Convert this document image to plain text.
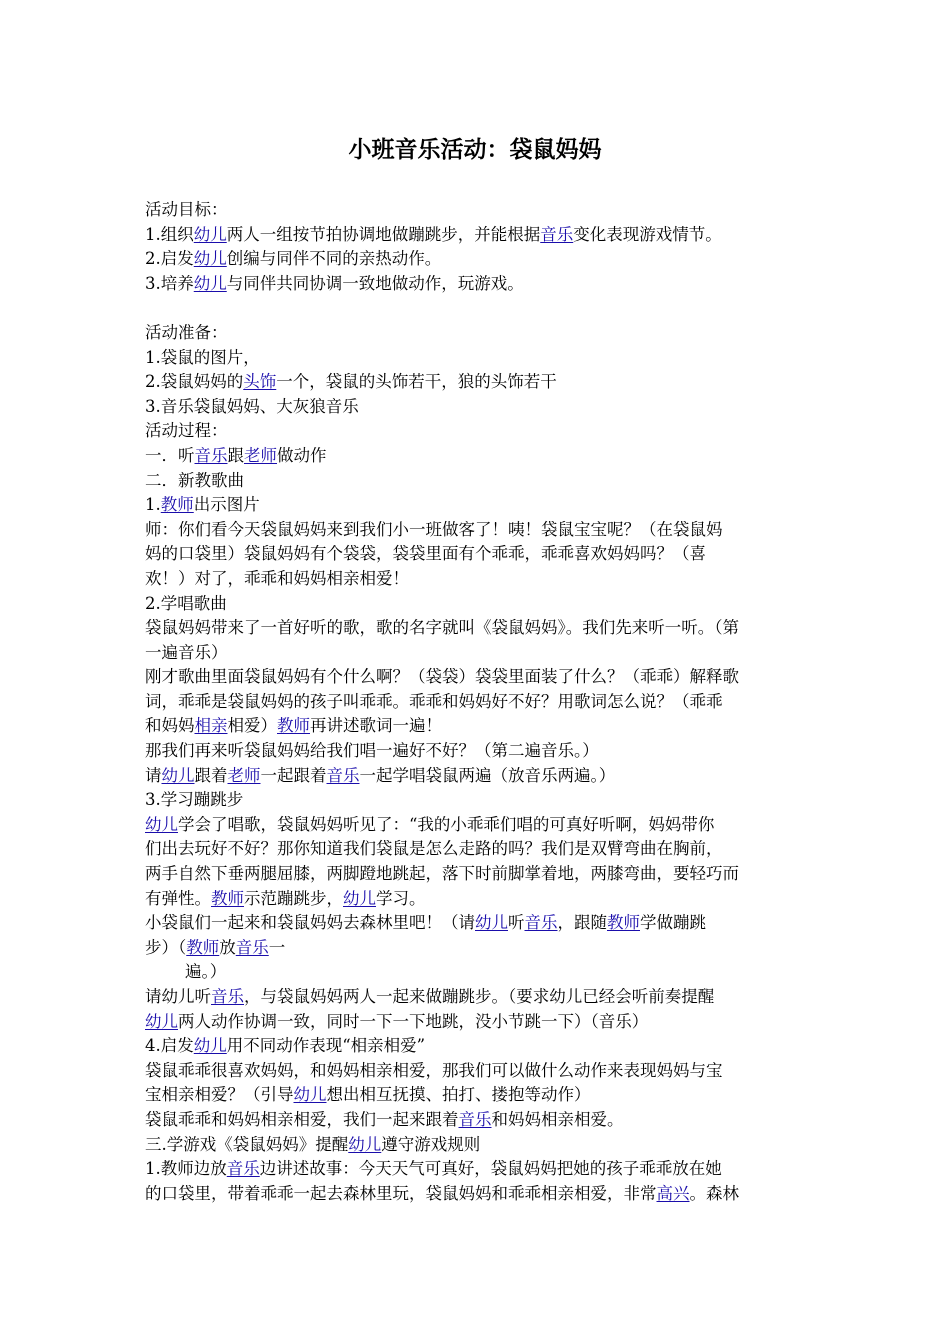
小班音乐活动：袋鼠妈妈
活动目标：
1.组织幼儿两人一组按节拍协调地做蹦跳步，并能根据音乐变化表现游戏情节。
2.启发幼儿创编与同伴不同的亲热动作。
3.培养幼儿与同伴共同协调一致地做动作，玩游戏。
活动准备：
1.袋鼠的图片，
2.袋鼠妈妈的头饰一个，袋鼠的头饰若干，狼的头饰若干
3.音乐袋鼠妈妈、大灰狼音乐
活动过程：
一．听音乐跟老师做动作
二．新教歌曲
1.教师出示图片
师：你们看今天袋鼠妈妈来到我们小一班做客了！咦！袋鼠宝宝呢？（在袋鼠妈
妈的口袋里）袋鼠妈妈有个袋袋，袋袋里面有个乖乖，乖乖喜欢妈妈吗？（喜
欢！）对了，乖乖和妈妈相亲相爱！
2.学唱歌曲
袋鼠妈妈带来了一首好听的歌，歌的名字就叫《袋鼠妈妈》。我们先来听一听。（第
一遍音乐）
刚才歌曲里面袋鼠妈妈有个什么啊？（袋袋）袋袋里面装了什么？（乖乖）解释歌
词，乖乖是袋鼠妈妈的孩子叫乖乖。乖乖和妈妈好不好？用歌词怎么说？（乖乖
和妈妈相亲相爱）教师再讲述歌词一遍！
那我们再来听袋鼠妈妈给我们唱一遍好不好？（第二遍音乐。）
请幼儿跟着老师一起跟着音乐一起学唱袋鼠两遍（放音乐两遍。）
3.学习蹦跳步
幼儿学会了唱歌，袋鼠妈妈听见了：“我的小乖乖们唱的可真好听啊，妈妈带你
们出去玩好不好？那你知道我们袋鼠是怎么走路的吗？我们是双臂弯曲在胸前，
两手自然下垂两腿屈膝，两脚蹬地跳起，落下时前脚掌着地，两膝弯曲，要轻巧而
有弹性。教师示范蹦跳步，幼儿学习。
小袋鼠们一起来和袋鼠妈妈去森林里吧！（请幼儿听音乐，跟随教师学做蹦跳
步）（教师放音乐一
遍。）
请幼儿听音乐，与袋鼠妈妈两人一起来做蹦跳步。（要求幼儿已经会听前奏提醒
幼儿两人动作协调一致，同时一下一下地跳，没小节跳一下）（音乐）
4.启发幼儿用不同动作表现“相亲相爱”
袋鼠乖乖很喜欢妈妈，和妈妈相亲相爱，那我们可以做什么动作来表现妈妈与宝
宝相亲相爱？（引导幼儿想出相互抚摸、拍打、搂抱等动作）
袋鼠乖乖和妈妈相亲相爱，我们一起来跟着音乐和妈妈相亲相爱。
三.学游戏《袋鼠妈妈》提醒幼儿遵守游戏规则
1.教师边放音乐边讲述故事：今天天气可真好，袋鼠妈妈把她的孩子乖乖放在她
的口袋里，带着乖乖一起去森林里玩，袋鼠妈妈和乖乖相亲相爱，非常高兴。森林
